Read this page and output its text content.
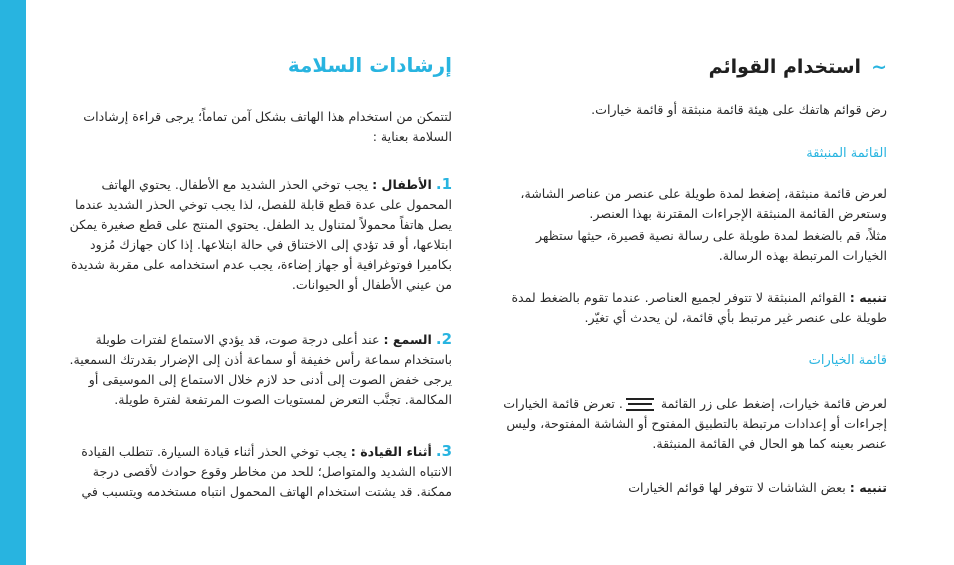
~استخدام القوائم

رض قوائم هاتفك على هيئة قائمة منبثقة أو قائمة خيارات.

القائمة المنبثقة

لعرض قائمة منبثقة، إضغط لمدة طويلة على عنصر من عناصر الشاشة، وستعرض القائمة المنبثقة الإجراءات المقترنة بهذا العنصر.

مثلاً، قم بالضغط لمدة طويلة على رسالة نصية قصيرة، حيثها ستظهر الخيارات المرتبطة بهذه الرسالة.

تنبيه : القوائم المنبثقة لا تتوفر لجميع العناصر. عندما تقوم بالضغط لمدة طويلة على عنصر غير مرتبط بأي قائمة، لن يحدث أي تغيّر.

قائمة الخيارات

لعرض قائمة خيارات، إضغط على زر القائمة . تعرض قائمة الخيارات إجراءات أو إعدادات مرتبطة بالتطبيق المفتوح أو الشاشة المفتوحة، وليس عنصر بعينه كما هو الحال في القائمة المنبثقة.

تنبيه : بعض الشاشات لا تتوفر لها قوائم الخيارات

إرشادات السلامة

لتتمكن من استخدام هذا الهاتف بشكل آمن تماماً؛ يرجى قراءة إرشادات السلامة بعناية :

1. الأطفال : يجب توخي الحذر الشديد مع الأطفال. يحتوي الهاتف المحمول على عدة قطع قابلة للفصل، لذا يجب توخي الحذر الشديد عندما يصل هاتفاً محمولاً لمتناول يد الطفل. يحتوي المنتج على قطع صغيرة يمكن ابتلاعها، أو قد تؤدي إلى الاختناق في حالة ابتلاعها. إذا كان جهازك مُزود بكاميرا فوتوغرافية أو جهاز إضاءة، يجب عدم استخدامه على مقربة شديدة من عيني الأطفال أو الحيوانات.

2. السمع : عند أعلى درجة صوت، قد يؤدي الاستماع لفترات طويلة باستخدام سماعة رأس خفيفة أو سماعة أذن إلى الإضرار بقدرتك السمعية. يرجى خفض الصوت إلى أدنى حد لازم خلال الاستماع إلى الموسيقى أو المكالمة. تجنَّب التعرض لمستويات الصوت المرتفعة لفترة طويلة.

3. أثناء القيادة : يجب توخي الحذر أثناء قيادة السيارة. تتطلب القيادة الانتباه الشديد والمتواصل؛ للحد من مخاطر وقوع حوادث لأقصى درجة ممكنة. قد يشتت استخدام الهاتف المحمول انتباه مستخدمه ويتسبب في
